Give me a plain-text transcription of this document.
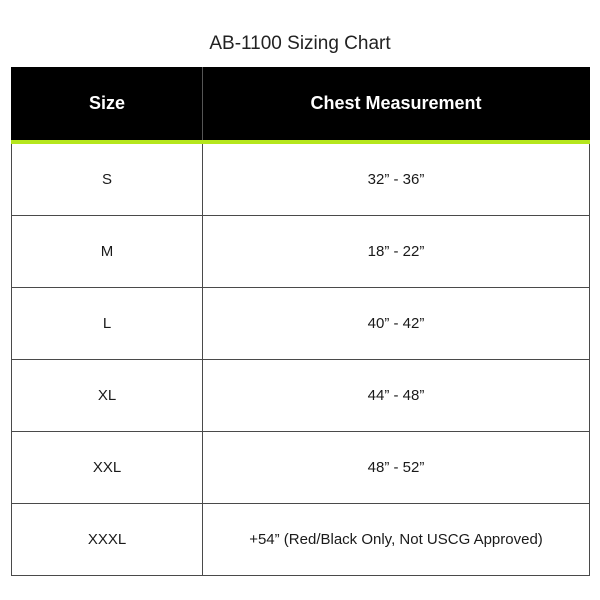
AB-1100 Sizing Chart
Size	Chest Measurement
S	32” - 36”
M	18” - 22”
L	40” - 42”
XL	44” - 48”
XXL	48” - 52”
XXXL	+54” (Red/Black Only, Not USCG Approved)
